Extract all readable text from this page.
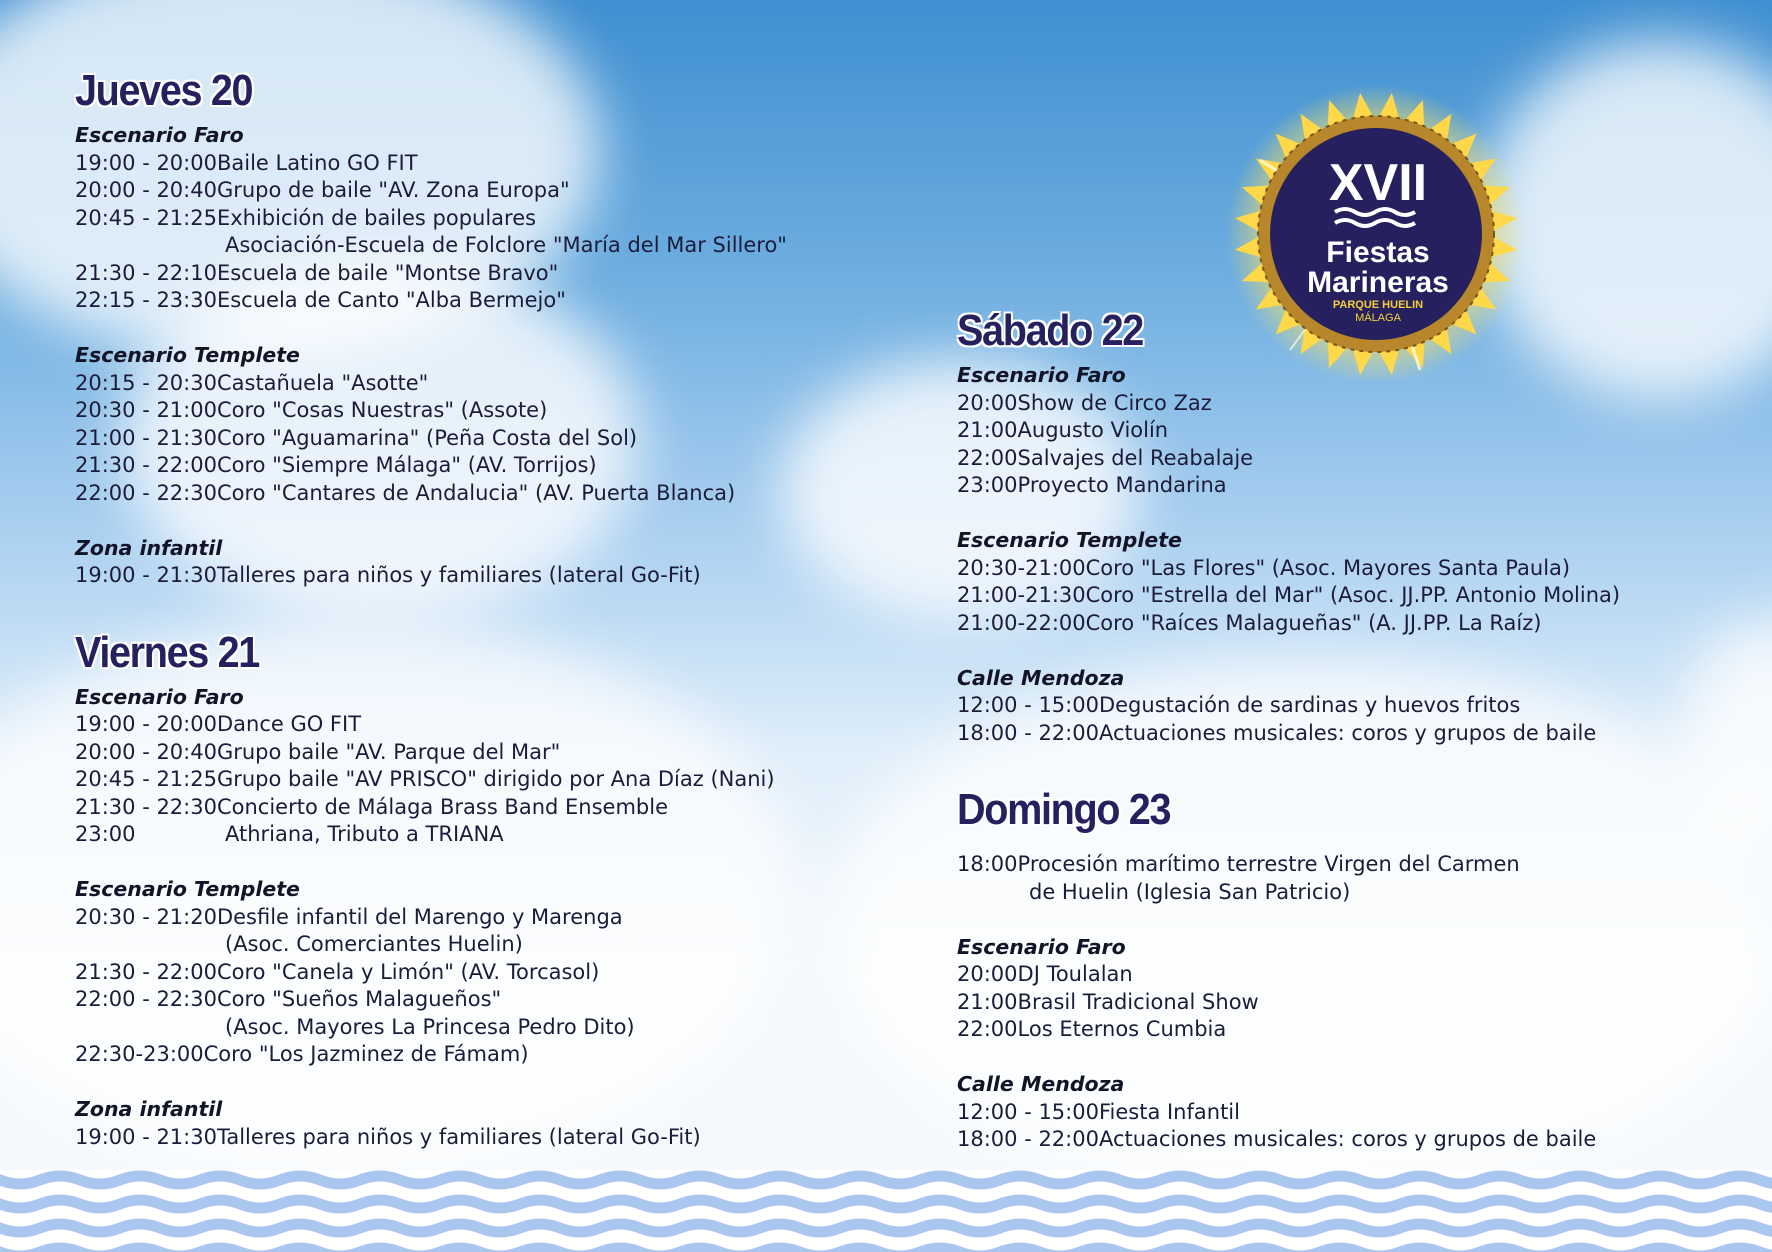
XVII
Fiestas
Marineras
PARQUE HUELIN
MÁLAGA
Jueves 20
Escenario Faro
19:00 - 20:00 Baile Latino GO FIT
20:00 - 20:40 Grupo de baile "AV. Zona Europa"
20:45 - 21:25 Exhibición de bailes populares
Asociación-Escuela de Folclore "María del Mar Sillero"
21:30 - 22:10 Escuela de baile "Montse Bravo"
22:15 - 23:30 Escuela de Canto "Alba Bermejo"
Escenario Templete
20:15 - 20:30 Castañuela "Asotte"
20:30 - 21:00 Coro "Cosas Nuestras" (Assote)
21:00 - 21:30 Coro "Aguamarina" (Peña Costa del Sol)
21:30 - 22:00 Coro "Siempre Málaga" (AV. Torrijos)
22:00 - 22:30 Coro "Cantares de Andalucia" (AV. Puerta Blanca)
Zona infantil
19:00 - 21:30 Talleres para niños y familiares (lateral Go-Fit)
Viernes 21
Escenario Faro
19:00 - 20:00 Dance GO FIT
20:00 - 20:40 Grupo baile "AV. Parque del Mar"
20:45 - 21:25 Grupo baile "AV PRISCO" dirigido por Ana Díaz (Nani)
21:30 - 22:30 Concierto de Málaga Brass Band Ensemble
23:00	Athriana, Tributo a TRIANA
Escenario Templete
20:30 - 21:20 Desfile infantil del Marengo y Marenga
(Asoc. Comerciantes Huelin)
21:30 - 22:00 Coro "Canela y Limón" (AV. Torcasol)
22:00 - 22:30 Coro "Sueños Malagueños"
(Asoc. Mayores La Princesa Pedro Dito)
22:30-23:00 Coro "Los Jazminez de Fámam)
Zona infantil
19:00 - 21:30 Talleres para niños y familiares (lateral Go-Fit)
Sábado 22
Escenario Faro
20:00 Show de Circo Zaz
21:00 Augusto Violín
22:00 Salvajes del Reabalaje
23:00 Proyecto Mandarina
Escenario Templete
20:30-21:00 Coro "Las Flores" (Asoc. Mayores Santa Paula)
21:00-21:30 Coro "Estrella del Mar" (Asoc. JJ.PP. Antonio Molina)
21:00-22:00 Coro "Raíces Malagueñas" (A. JJ.PP. La Raíz)
Calle Mendoza
12:00 - 15:00 Degustación de sardinas y huevos fritos
18:00 - 22:00 Actuaciones musicales: coros y grupos de baile
Domingo 23
18:00 Procesión marítimo terrestre Virgen del Carmen
de Huelin (Iglesia San Patricio)
Escenario Faro
20:00 DJ Toulalan
21:00 Brasil Tradicional Show
22:00 Los Eternos Cumbia
Calle Mendoza
12:00 - 15:00 Fiesta Infantil
18:00 - 22:00 Actuaciones musicales: coros y grupos de baile
